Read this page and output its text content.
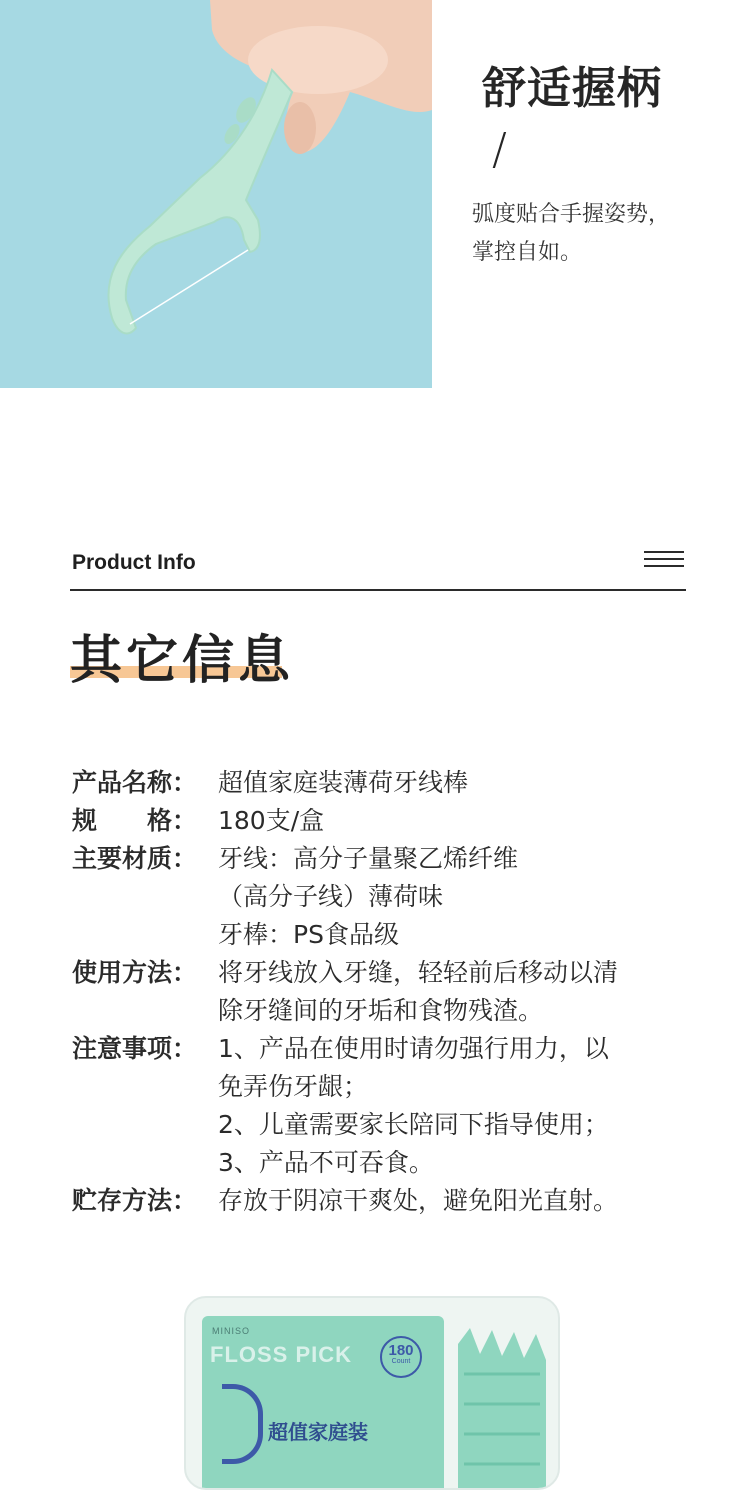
舒适握柄
/
弧度贴合手握姿势，
掌控自如。
Product Info
其它信息
产品名称： 超值家庭装薄荷牙线棒
规　　格： 180支/盒
主要材质： 牙线：高分子量聚乙烯纤维
（高分子线）薄荷味
牙棒：PS食品级
使用方法： 将牙线放入牙缝，轻轻前后移动以清
除牙缝间的牙垢和食物残渣。
注意事项： 1、产品在使用时请勿强行用力，以
免弄伤牙龈；
2、儿童需要家长陪同下指导使用；
3、产品不可吞食。
贮存方法： 存放于阴凉干爽处，避免阳光直射。
MINISO
FLOSS PICK	180
Count
超值家庭装
